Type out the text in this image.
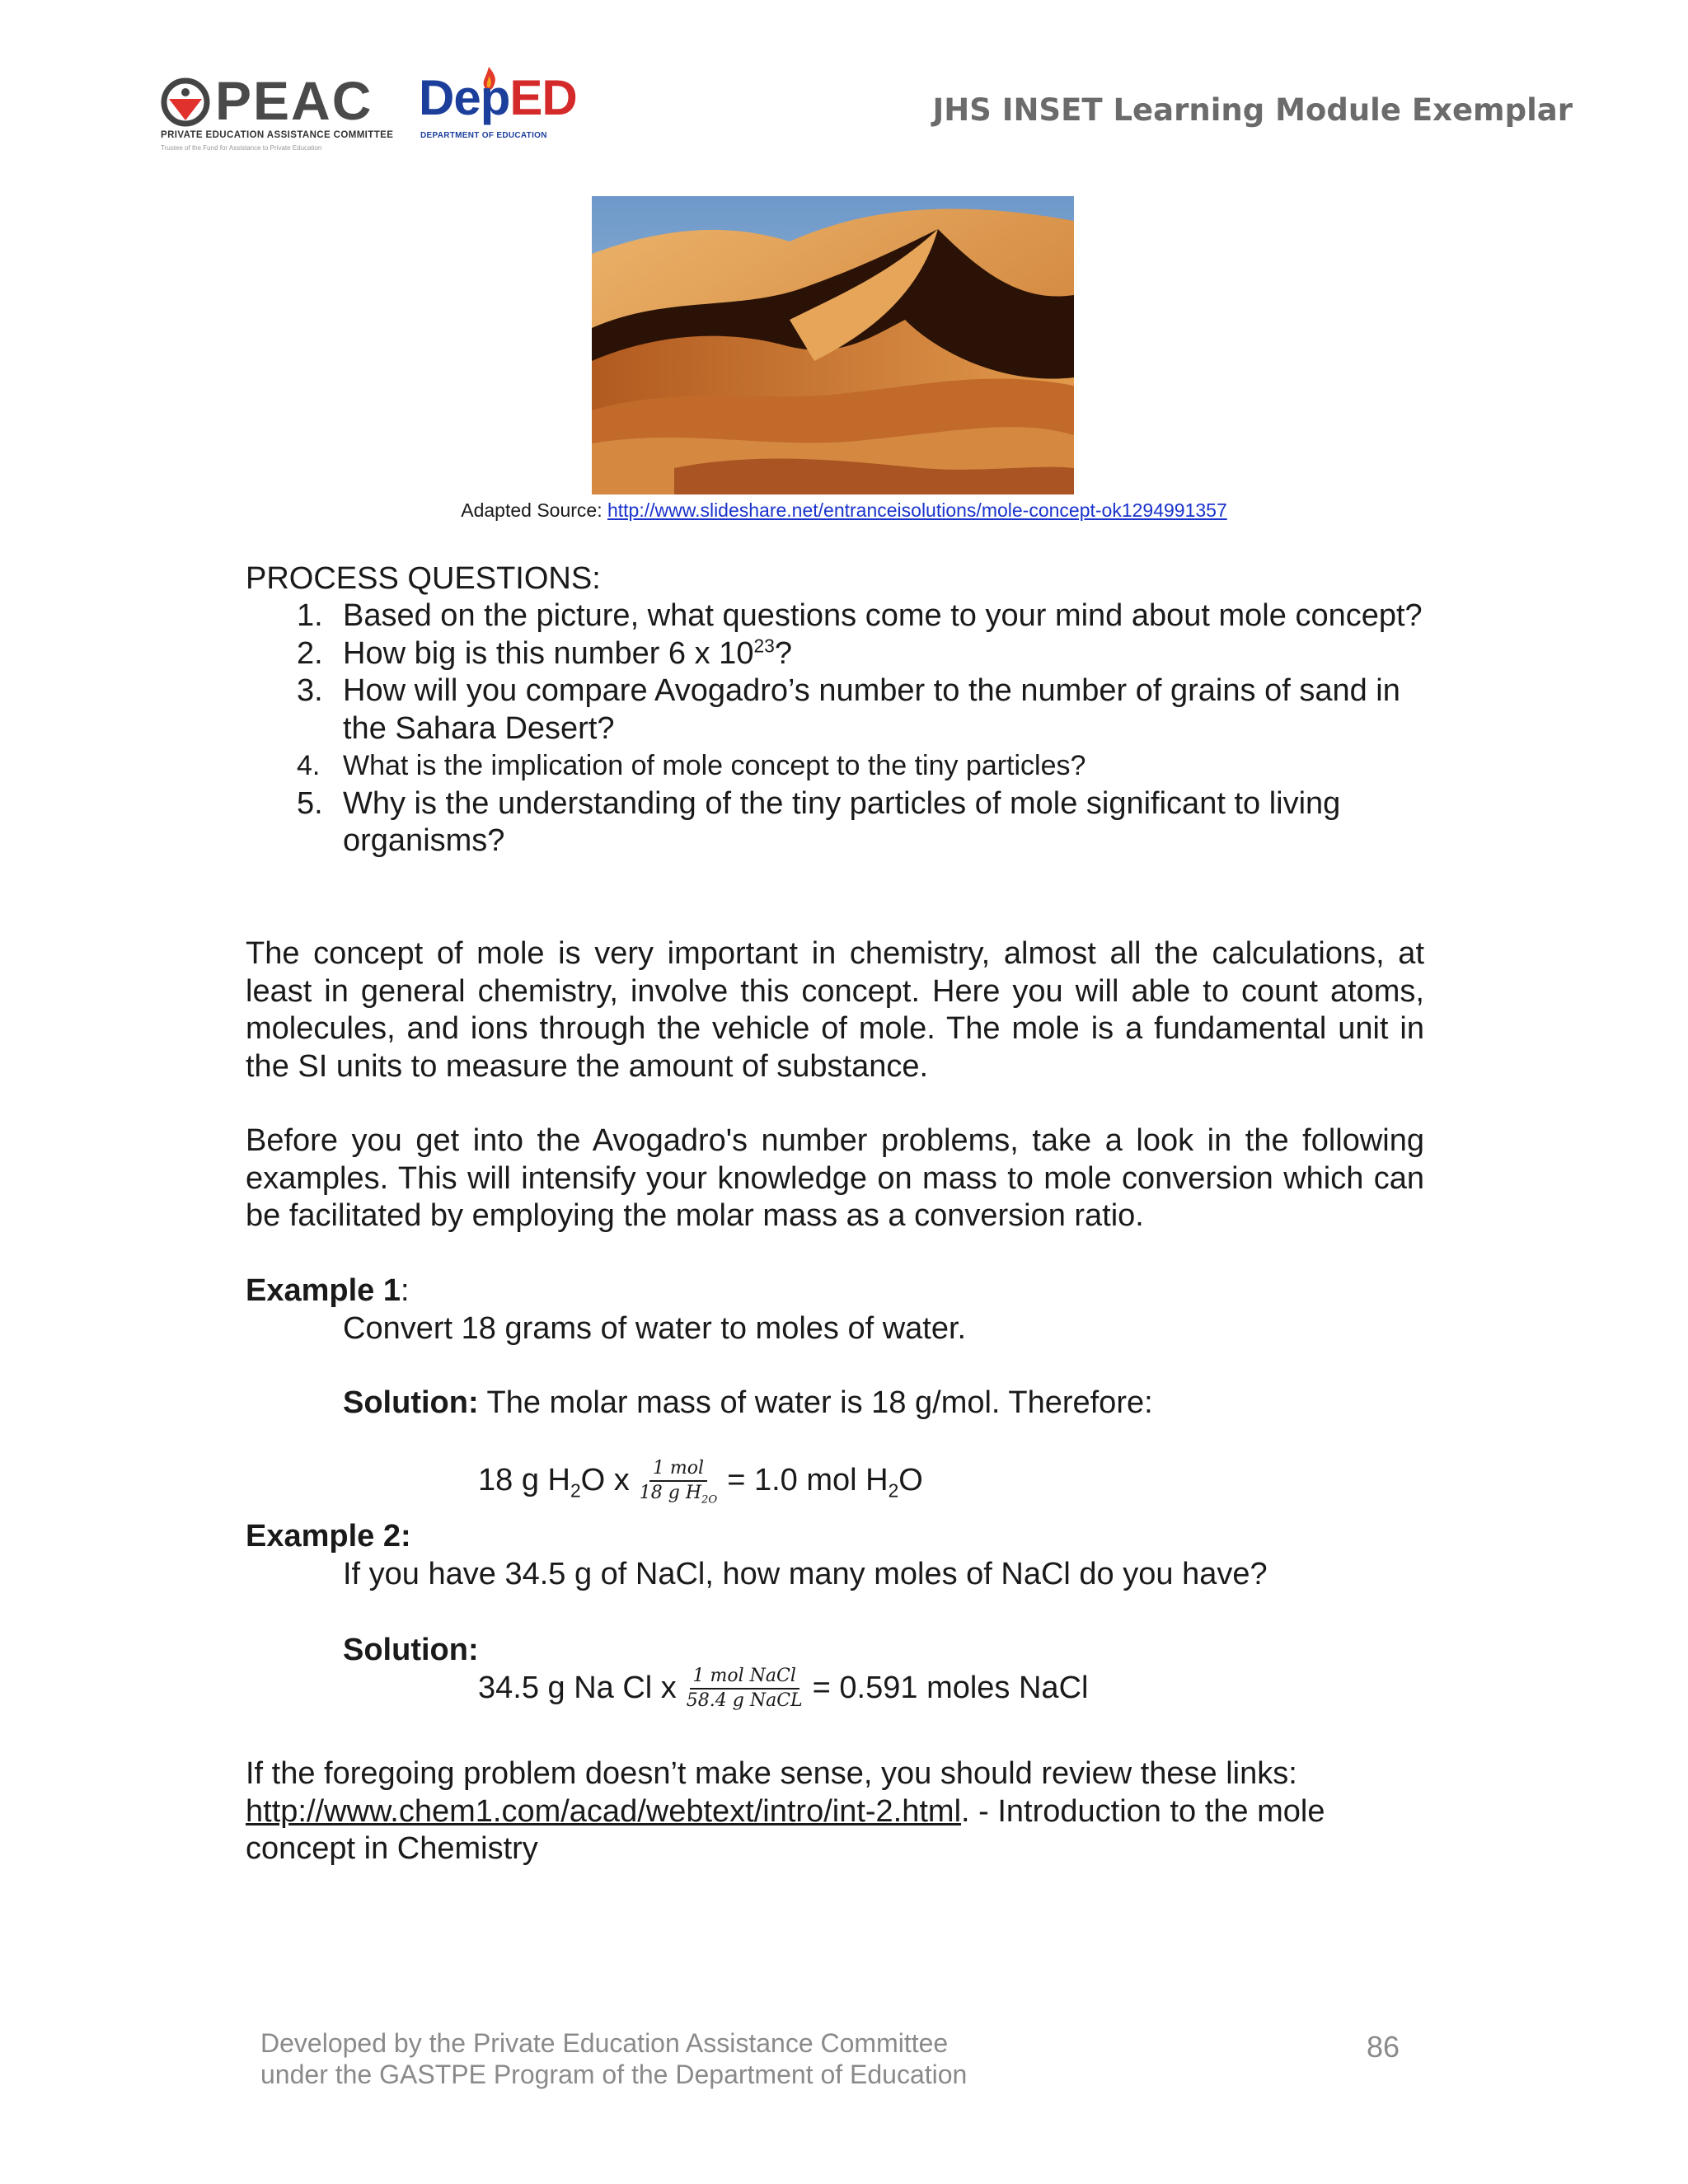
PEAC
PRIVATE EDUCATION ASSISTANCE COMMITTEE
Trustee of the Fund for Assistance to Private Education
DepED
DEPARTMENT OF EDUCATION
JHS INSET Learning Module Exemplar
Adapted Source: http://www.slideshare.net/entranceisolutions/mole-concept-ok1294991357
PROCESS QUESTIONS:
1. Based on the picture, what questions come to your mind about mole concept?
2. How big is this number 6 x $10^{23}$?
3. How will you compare Avogadro’s number to the number of grains of sand in the Sahara Desert?
4. What is the implication of mole concept to the tiny particles?
5. Why is the understanding of the tiny particles of mole significant to living organisms?
The concept of mole is very important in chemistry, almost all the calculations, at least in general chemistry, involve this concept. Here you will able to count atoms, molecules, and ions through the vehicle of mole. The mole is a fundamental unit in the SI units to measure the amount of substance.
Before you get into the Avogadro's number problems, take a look in the following examples. This will intensify your knowledge on mass to mole conversion which can be facilitated by employing the molar mass as a conversion ratio.
Example 1:
Convert 18 grams of water to moles of water.
Solution: The molar mass of water is 18 g/mol. Therefore:
18 g $H_2O$ x $\frac{\text{1 mol}}{18 g H_{2O}} = 1.0$ mol $H_2O$
Example 2:
If you have 34.5 g of NaCl, how many moles of NaCl do you have?
Solution:
34.5 g Na Cl x $\frac{\text{1 mol NaCl}}{\text{58.4 g NaCL}} = 0.591$ moles NaCl
If the foregoing problem doesn’t make sense, you should review these links:
http://www.chem1.com/acad/webtext/intro/int-2.html. - Introduction to the mole concept in Chemistry
Developed by the Private Education Assistance Committee
under the GASTPE Program of the Department of Education
86
